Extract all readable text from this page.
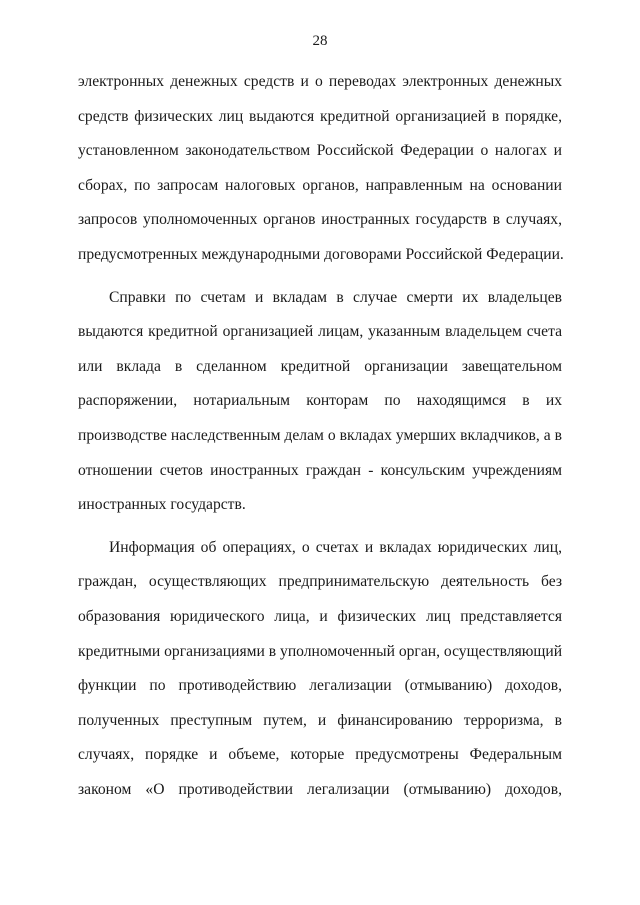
28

электронных денежных средств и о переводах электронных денежных
средств физических лиц выдаются кредитной организацией в порядке,
установленном законодательством Российской Федерации о налогах и
сборах, по запросам налоговых органов, направленным на основании
запросов уполномоченных органов иностранных государств в случаях,
предусмотренных международными договорами Российской Федерации.

Справки по счетам и вкладам в случае смерти их владельцев
выдаются кредитной организацией лицам, указанным владельцем счета
или вклада в сделанном кредитной организации завещательном
распоряжении, нотариальным конторам по находящимся в их
производстве наследственным делам о вкладах умерших вкладчиков, а в
отношении счетов иностранных граждан - консульским учреждениям
иностранных государств.

Информация об операциях, о счетах и вкладах юридических лиц,
граждан, осуществляющих предпринимательскую деятельность без
образования юридического лица, и физических лиц представляется
кредитными организациями в уполномоченный орган, осуществляющий
функции по противодействию легализации (отмыванию) доходов,
полученных преступным путем, и финансированию терроризма, в
случаях, порядке и объеме, которые предусмотрены Федеральным
законом «О противодействии легализации (отмыванию) доходов,
